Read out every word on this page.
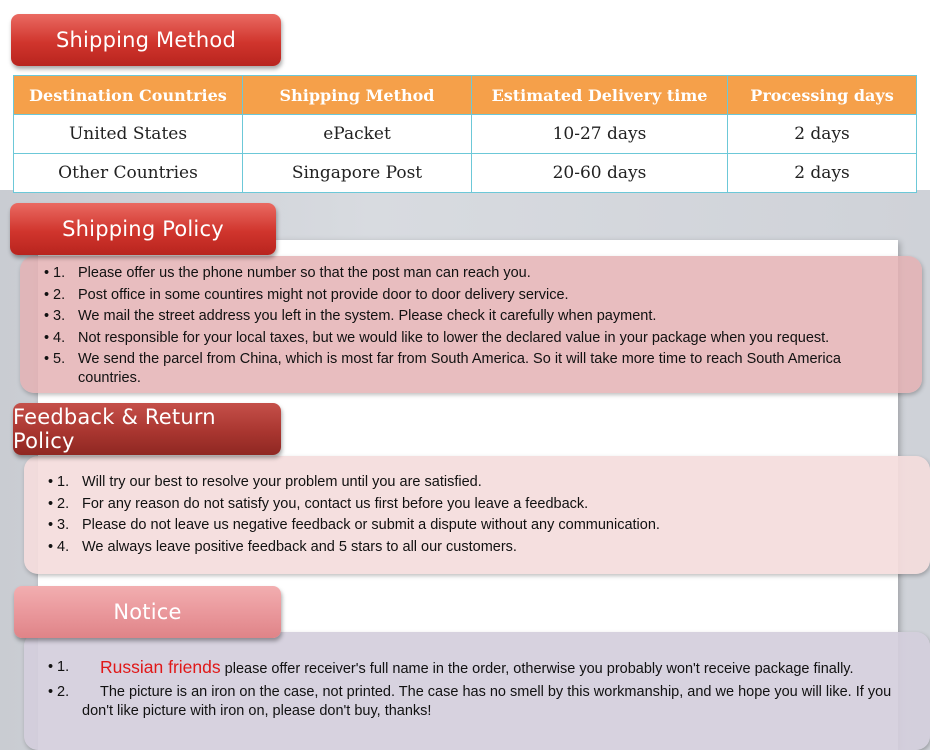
Shipping Method
Destination Countries	Shipping Method	Estimated Delivery time	Processing days
United States	ePacket	10-27 days	2 days
Other Countries	Singapore Post	20-60 days	2 days
• 1. Please offer us the phone number so that the post man can reach you.
• 2. Post office in some countires might not provide door to door delivery service.
• 3. We mail the street address you left in the system. Please check it carefully when payment.
• 4. Not responsible for your local taxes, but we would like to lower the declared value in your package when you request.
• 5. We send the parcel from China, which is most far from South America. So it will take more time to reach South America countries.
Shipping Policy
• 1. Will try our best to resolve your problem until you are satisfied.
• 2. For any reason do not satisfy you, contact us first before you leave a feedback.
• 3. Please do not leave us negative feedback or submit a dispute without any communication.
• 4. We always leave positive feedback and 5 stars to all our customers.
Feedback & Return Policy
• 1. Russian friends please offer receiver's full name in the order, otherwise you probably won't receive package finally.
• 2. The picture is an iron on the case, not printed. The case has no smell by this workmanship, and we hope you will like. If you don't like picture with iron on, please don't buy, thanks!
Notice
